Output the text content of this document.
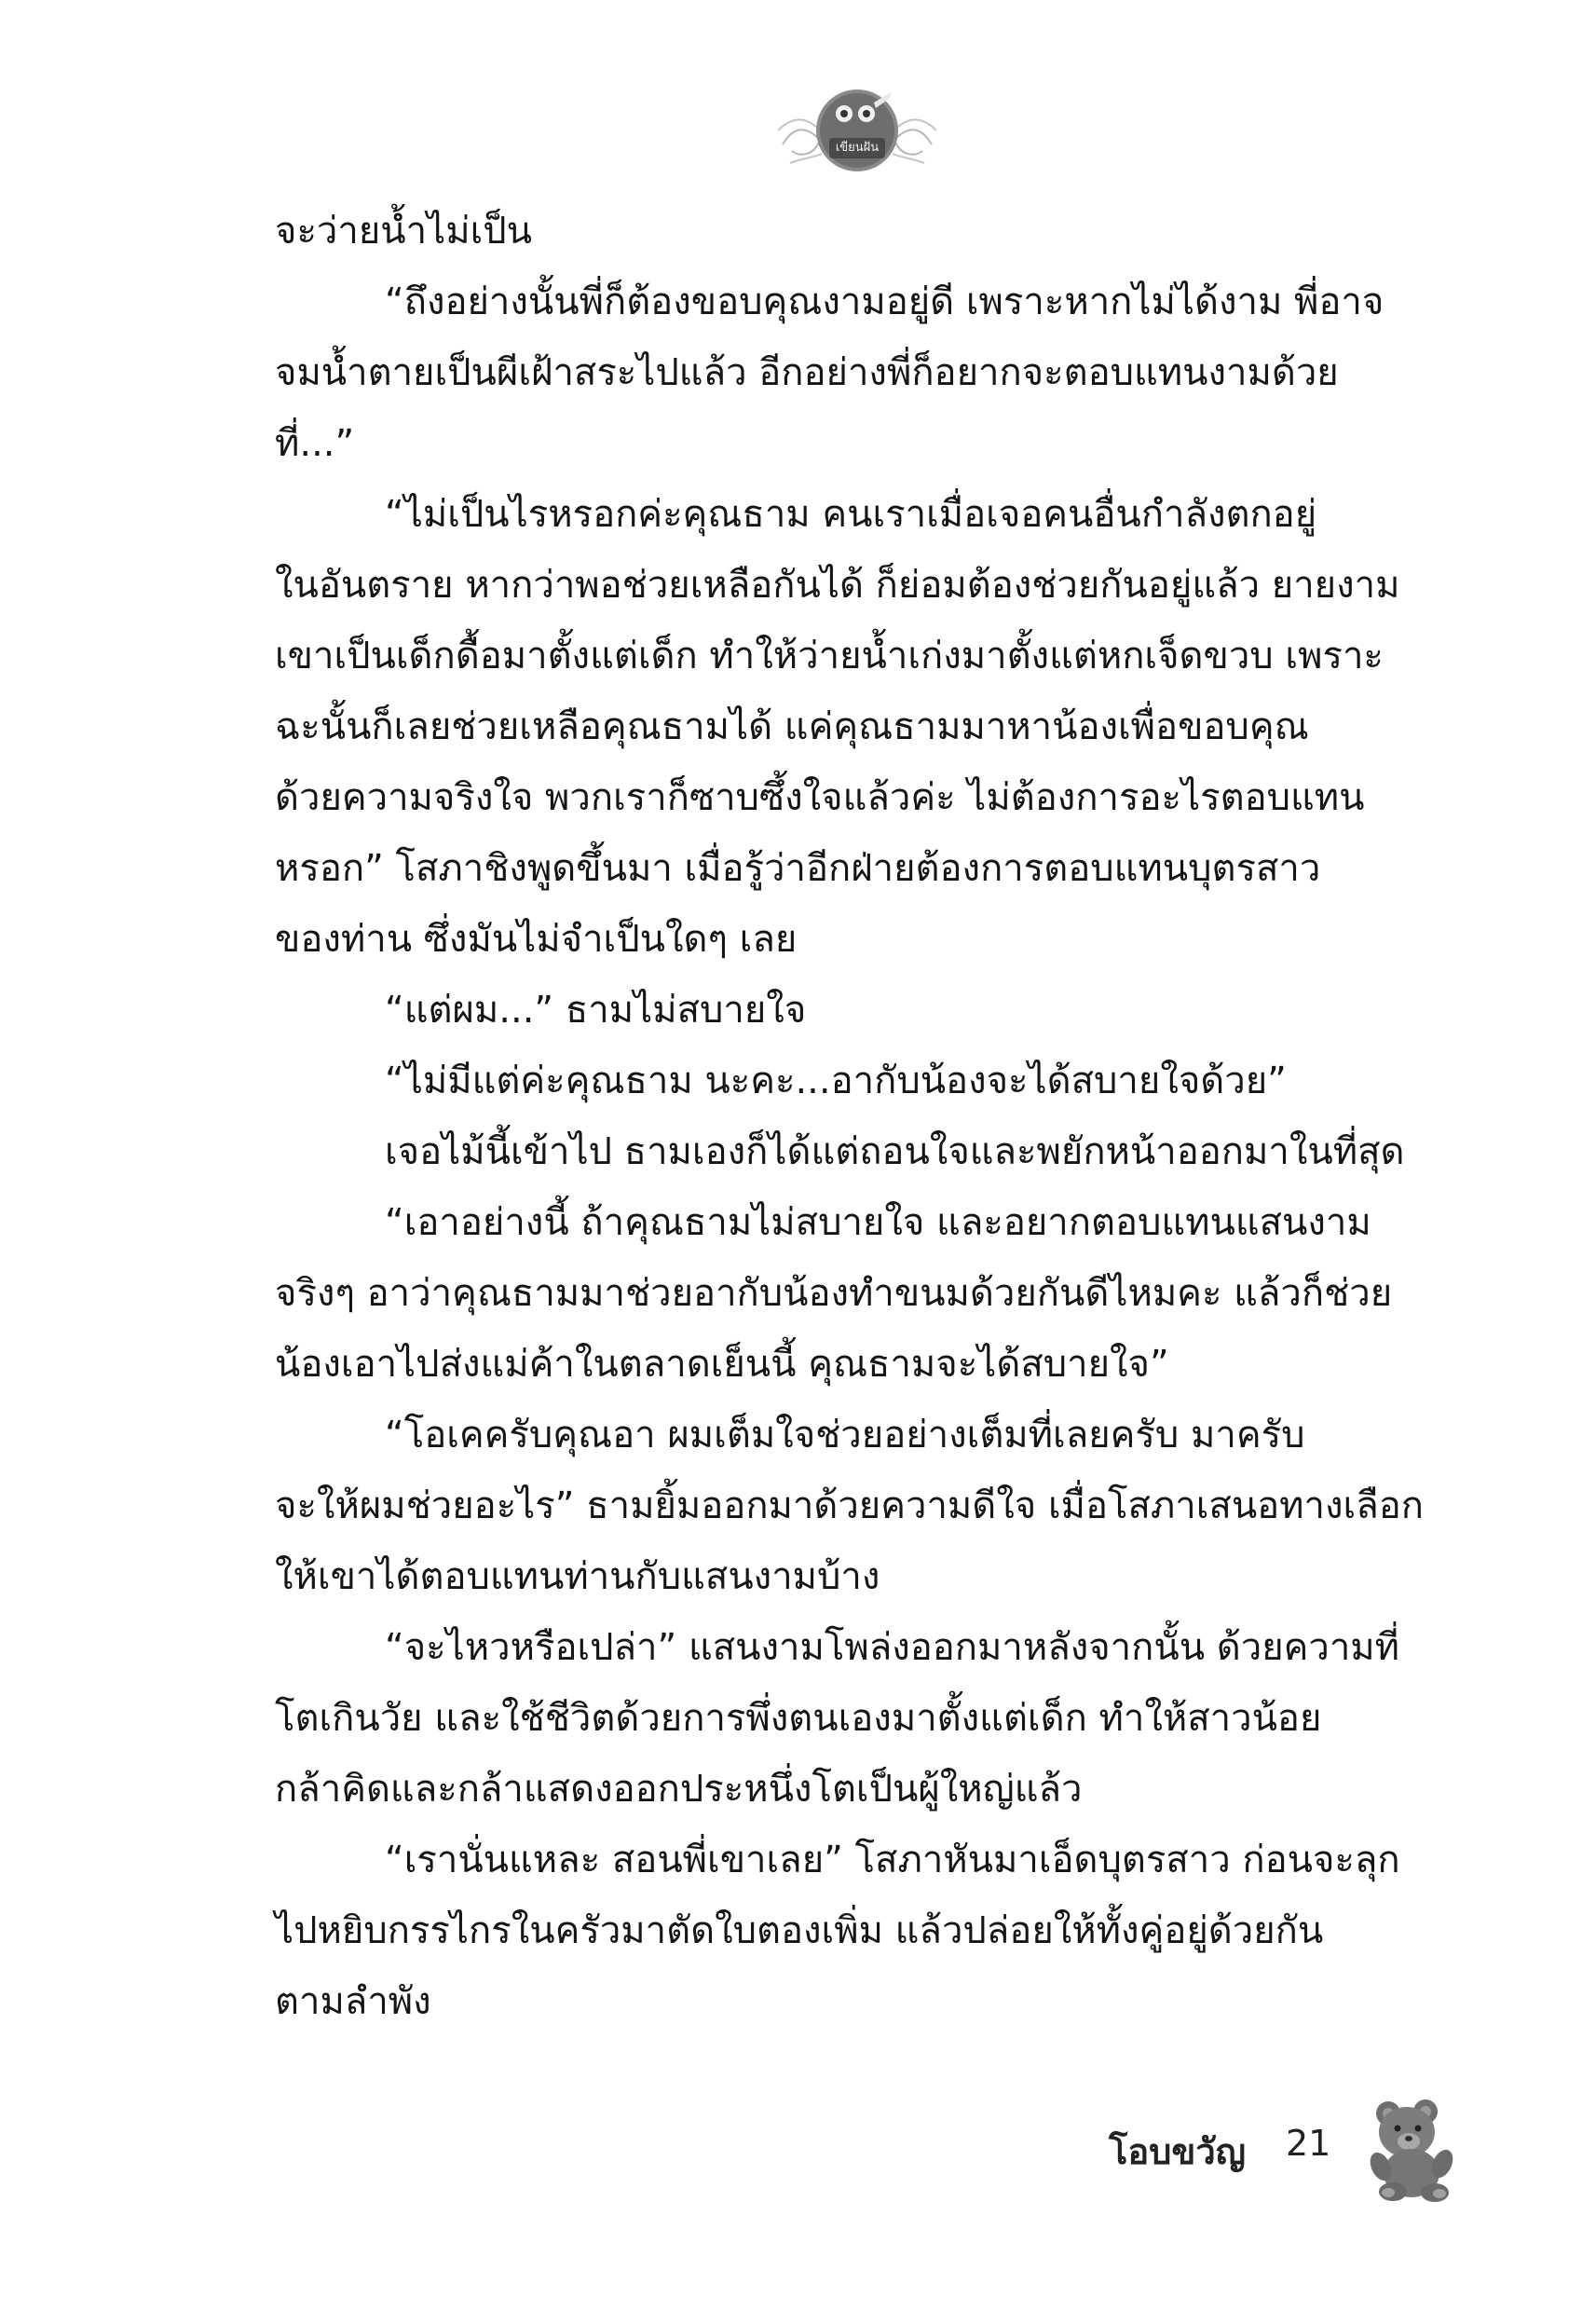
เขียนฝัน
จะว่ายน้ำไม่เป็น
“ถึงอย่างนั้นพี่ก็ต้องขอบคุณงามอยู่ดี เพราะหากไม่ได้งาม พี่อาจ
จมน้ำตายเป็นผีเฝ้าสระไปแล้ว อีกอย่างพี่ก็อยากจะตอบแทนงามด้วย
ที่...”
“ไม่เป็นไรหรอกค่ะคุณธาม คนเราเมื่อเจอคนอื่นกำลังตกอยู่
ในอันตราย หากว่าพอช่วยเหลือกันได้ ก็ย่อมต้องช่วยกันอยู่แล้ว ยายงาม
เขาเป็นเด็กดื้อมาตั้งแต่เด็ก ทำให้ว่ายน้ำเก่งมาตั้งแต่หกเจ็ดขวบ เพราะ
ฉะนั้นก็เลยช่วยเหลือคุณธามได้ แค่คุณธามมาหาน้องเพื่อขอบคุณ
ด้วยความจริงใจ พวกเราก็ซาบซึ้งใจแล้วค่ะ ไม่ต้องการอะไรตอบแทน
หรอก” โสภาชิงพูดขึ้นมา เมื่อรู้ว่าอีกฝ่ายต้องการตอบแทนบุตรสาว
ของท่าน ซึ่งมันไม่จำเป็นใดๆ เลย
“แต่ผม...” ธามไม่สบายใจ
“ไม่มีแต่ค่ะคุณธาม นะคะ...อากับน้องจะได้สบายใจด้วย”
เจอไม้นี้เข้าไป ธามเองก็ได้แต่ถอนใจและพยักหน้าออกมาในที่สุด
“เอาอย่างนี้ ถ้าคุณธามไม่สบายใจ และอยากตอบแทนแสนงาม
จริงๆ อาว่าคุณธามมาช่วยอากับน้องทำขนมด้วยกันดีไหมคะ แล้วก็ช่วย
น้องเอาไปส่งแม่ค้าในตลาดเย็นนี้ คุณธามจะได้สบายใจ”
“โอเคครับคุณอา ผมเต็มใจช่วยอย่างเต็มที่เลยครับ มาครับ
จะให้ผมช่วยอะไร” ธามยิ้มออกมาด้วยความดีใจ เมื่อโสภาเสนอทางเลือก
ให้เขาได้ตอบแทนท่านกับแสนงามบ้าง
“จะไหวหรือเปล่า” แสนงามโพล่งออกมาหลังจากนั้น ด้วยความที่
โตเกินวัย และใช้ชีวิตด้วยการพึ่งตนเองมาตั้งแต่เด็ก ทำให้สาวน้อย
กล้าคิดและกล้าแสดงออกประหนึ่งโตเป็นผู้ใหญ่แล้ว
“เรานั่นแหละ สอนพี่เขาเลย” โสภาหันมาเอ็ดบุตรสาว ก่อนจะลุก
ไปหยิบกรรไกรในครัวมาตัดใบตองเพิ่ม แล้วปล่อยให้ทั้งคู่อยู่ด้วยกัน
ตามลำพัง
โอบขวัญ 21
